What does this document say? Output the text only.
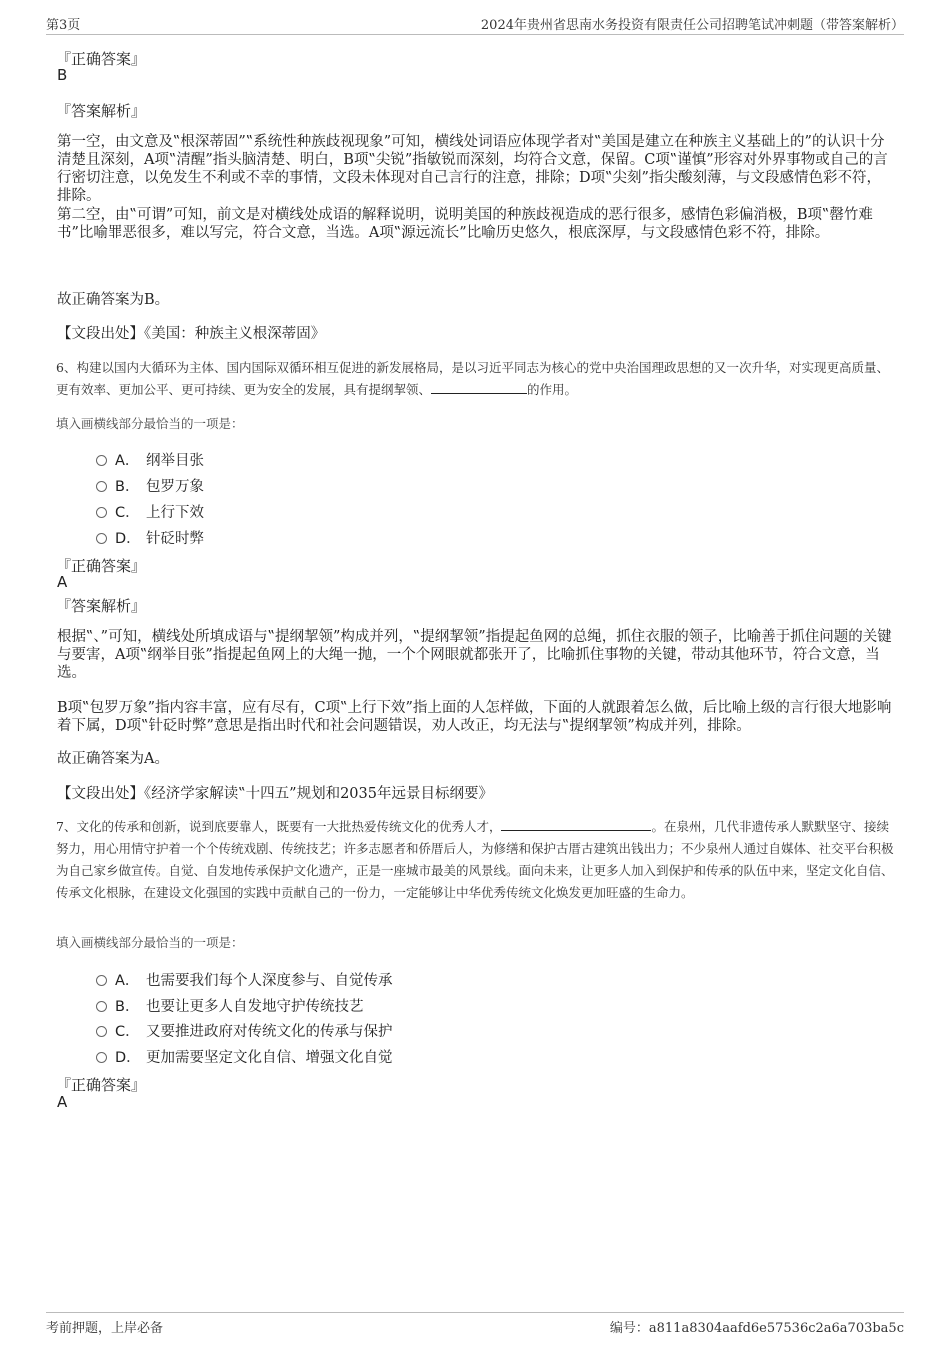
第3页	2024年贵州省思南水务投资有限责任公司招聘笔试冲刺题（带答案解析）
『正确答案』
B
『答案解析』
第一空，由文意及‟根深蒂固”‟系统性种族歧视现象”可知，横线处词语应体现学者对‟美国是建立在种族主义基础上的”的认识十分清楚且深刻，A项‟清醒”指头脑清楚、明白，B项‟尖锐”指敏锐而深刻，均符合文意，保留。C项‟谨慎”形容对外界事物或自己的言行密切注意，以免发生不利或不幸的事情，文段未体现对自己言行的注意，排除；D项‟尖刻”指尖酸刻薄，与文段感情色彩不符，排除。
第二空，由‟可谓”可知，前文是对横线处成语的解释说明，说明美国的种族歧视造成的恶行很多，感情色彩偏消极，B项‟罄竹难书”比喻罪恶很多，难以写完，符合文意，当选。A项‟源远流长”比喻历史悠久，根底深厚，与文段感情色彩不符，排除。
故正确答案为B。
【文段出处】《美国：种族主义根深蒂固》
6、构建以国内大循环为主体、国内国际双循环相互促进的新发展格局，是以习近平同志为核心的党中央治国理政思想的又一次升华，对实现更高质量、更有效率、更加公平、更可持续、更为安全的发展，具有提纲挈领、	的作用。
填入画横线部分最恰当的一项是：
A． 纲举目张
B． 包罗万象
C． 上行下效
D． 针砭时弊
『正确答案』
A
『答案解析』
根据‟、”可知，横线处所填成语与‟提纲挈领”构成并列，‟提纲挈领”指提起鱼网的总绳，抓住衣服的领子，比喻善于抓住问题的关键与要害，A项‟纲举目张”指提起鱼网上的大绳一抛，一个个网眼就都张开了，比喻抓住事物的关键，带动其他环节，符合文意，当选。
B项‟包罗万象”指内容丰富，应有尽有，C项‟上行下效”指上面的人怎样做，下面的人就跟着怎么做，后比喻上级的言行很大地影响着下属，D项‟针砭时弊”意思是指出时代和社会问题错误，劝人改正，均无法与‟提纲挈领”构成并列，排除。
故正确答案为A。
【文段出处】《经济学家解读‟十四五”规划和2035年远景目标纲要》
7、文化的传承和创新，说到底要靠人，既要有一大批热爱传统文化的优秀人才，	。在泉州，几代非遗传承人默默坚守、接续努力，用心用情守护着一个个传统戏剧、传统技艺；许多志愿者和侨厝后人，为修缮和保护古厝古建筑出钱出力；不少泉州人通过自媒体、社交平台积极为自己家乡做宣传。自觉、自发地传承保护文化遗产，正是一座城市最美的风景线。面向未来，让更多人加入到保护和传承的队伍中来，坚定文化自信、传承文化根脉，在建设文化强国的实践中贡献自己的一份力，一定能够让中华优秀传统文化焕发更加旺盛的生命力。
填入画横线部分最恰当的一项是：
A． 也需要我们每个人深度参与、自觉传承
B． 也要让更多人自发地守护传统技艺
C． 又要推进政府对传统文化的传承与保护
D． 更加需要坚定文化自信、增强文化自觉
『正确答案』
A
考前押题，上岸必备	编号：a811a8304aafd6e57536c2a6a703ba5c
